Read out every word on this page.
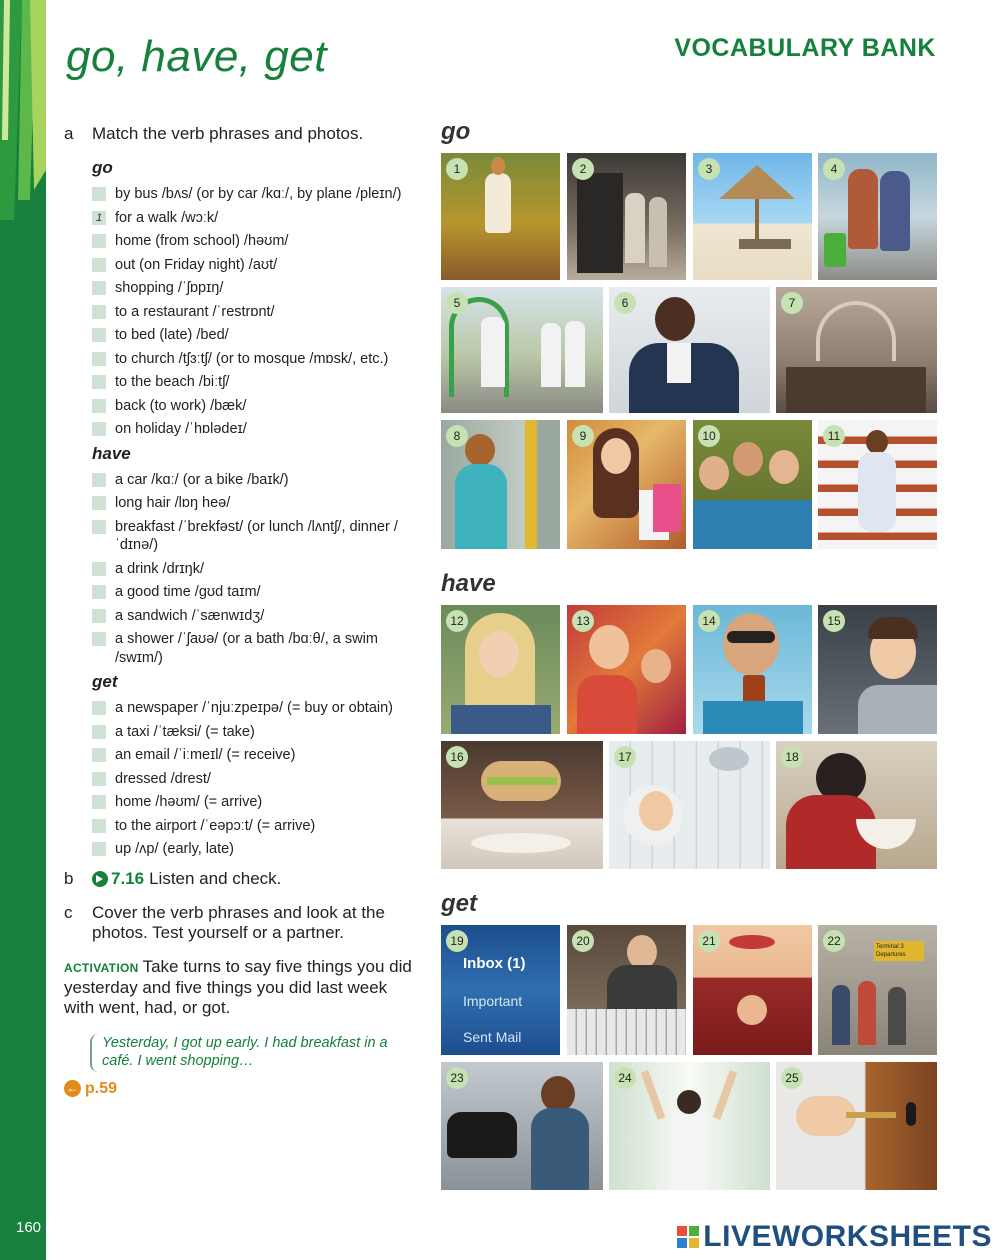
160
go, have, get	VOCABULARY BANK
a	Match the verb phrases and photos.
go
by bus /bʌs/ (or by car /kɑː/, by plane /pleɪn/)
1 for a walk /wɔːk/
home (from school) /həʊm/
out (on Friday night) /aʊt/
shopping /ˈʃɒpɪŋ/
to a restaurant /ˈrestrɒnt/
to bed (late) /bed/
to church /tʃɜːtʃ/ (or to mosque /mɒsk/, etc.)
to the beach /biːtʃ/
back (to work) /bæk/
on holiday /ˈhɒlədeɪ/
have
a car /kɑː/ (or a bike /baɪk/)
long hair /lɒŋ heə/
breakfast /ˈbrekfəst/ (or lunch /lʌntʃ/, dinner /ˈdɪnə/)
a drink /drɪŋk/
a good time /gʊd taɪm/
a sandwich /ˈsænwɪdʒ/
a shower /ˈʃaʊə/ (or a bath /bɑːθ/, a swim /swɪm/)
get
a newspaper /ˈnjuːzpeɪpə/ (= buy or obtain)
a taxi /ˈtæksi/ (= take)
an email /ˈiːmeɪl/ (= receive)
dressed /drest/
home /həʊm/ (= arrive)
to the airport /ˈeəpɔːt/ (= arrive)
up /ʌp/ (early, late)
b	7.16 Listen and check.
c	Cover the verb phrases and look at the photos. Test yourself or a partner.
ACTIVATION Take turns to say five things you did yesterday and five things you did last week with went, had, or got.
Yesterday, I got up early. I had breakfast in a café. I went shopping…
← p.59
go
have
get
1	2	3	4
5	6	7
8	9	10	11
12	13	14	15
16	17	18
Inbox (1)
Important
Sent Mail
19	20	21	Terminal 3 Departures
22
23	24	25
LIVEWORKSHEETS
